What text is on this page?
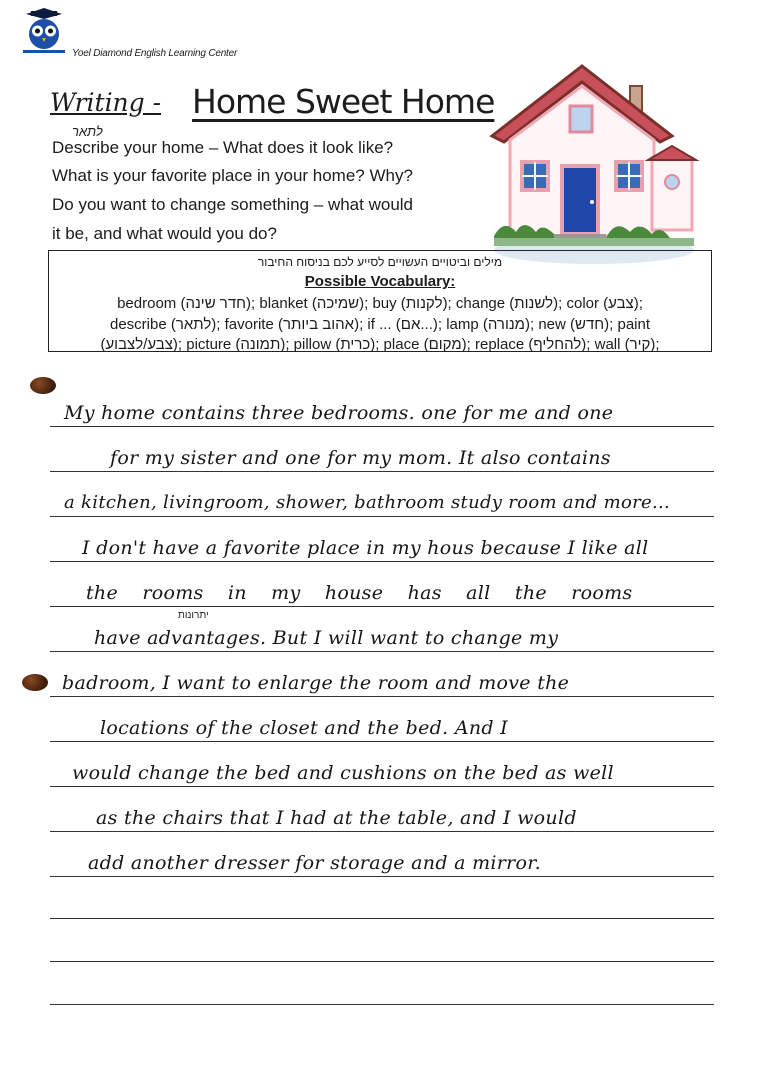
Yoel Diamond English Learning Center
Writing - Home Sweet Home
לתאר
Describe your home – What does it look like?
What is your favorite place in your home? Why?
Do you want to change something – what would
it be, and what would you do?
מילים וביטויים העשויים לסייע לכם בניסוח החיבור
Possible Vocabulary:
bedroom (חדר שינה); blanket (שמיכה); buy (לקנות); change (לשנות); color (צבע);
describe (לתאר); favorite (אהוב ביותר); if ... (אם...); lamp (מנורה); new (חדש); paint
(צבע/לצבוע); picture (תמונה); pillow (כרית); place (מקום); replace (להחליף); wall (קיר);
My home contains three bedrooms. one for me and one
for my sister and one for my mom. It also contains
a kitchen, livingroom, shower, bathroom study room and more...
I don't have a favorite place in my hous because I like all
the rooms in my house has all the rooms
יתרונות
have advantages. But I will want to change my
badroom, I want to enlarge the room and move the
locations of the closet and the bed. And I
would change the bed and cushions on the bed as well
as the chairs that I had at the table, and I would
add another dresser for storage and a mirror.
